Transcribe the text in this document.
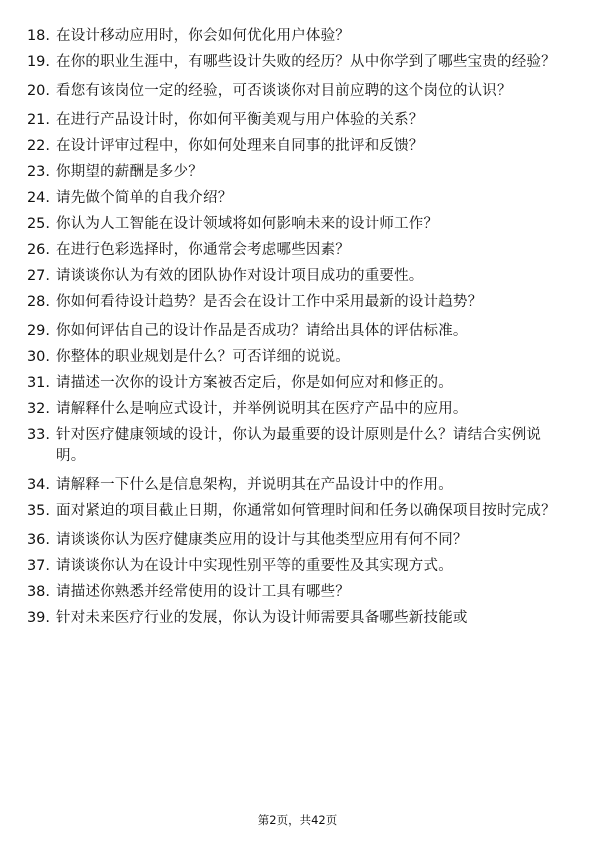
18. 在设计移动应用时，你会如何优化用户体验？
19. 在你的职业生涯中，有哪些设计失败的经历？从中你学到了哪些宝贵的经验？
20. 看您有该岗位一定的经验，可否谈谈你对目前应聘的这个岗位的认识？
21. 在进行产品设计时，你如何平衡美观与用户体验的关系？
22. 在设计评审过程中，你如何处理来自同事的批评和反馈？
23. 你期望的薪酬是多少？
24. 请先做个简单的自我介绍？
25. 你认为人工智能在设计领域将如何影响未来的设计师工作？
26. 在进行色彩选择时，你通常会考虑哪些因素？
27. 请谈谈你认为有效的团队协作对设计项目成功的重要性。
28. 你如何看待设计趋势？是否会在设计工作中采用最新的设计趋势？
29. 你如何评估自己的设计作品是否成功？请给出具体的评估标准。
30. 你整体的职业规划是什么？可否详细的说说。
31. 请描述一次你的设计方案被否定后，你是如何应对和修正的。
32. 请解释什么是响应式设计，并举例说明其在医疗产品中的应用。
33. 针对医疗健康领域的设计，你认为最重要的设计原则是什么？请结合实例说明。
34. 请解释一下什么是信息架构，并说明其在产品设计中的作用。
35. 面对紧迫的项目截止日期，你通常如何管理时间和任务以确保项目按时完成？
36. 请谈谈你认为医疗健康类应用的设计与其他类型应用有何不同？
37. 请谈谈你认为在设计中实现性别平等的重要性及其实现方式。
38. 请描述你熟悉并经常使用的设计工具有哪些？
39. 针对未来医疗行业的发展，你认为设计师需要具备哪些新技能或
第2页，共42页
